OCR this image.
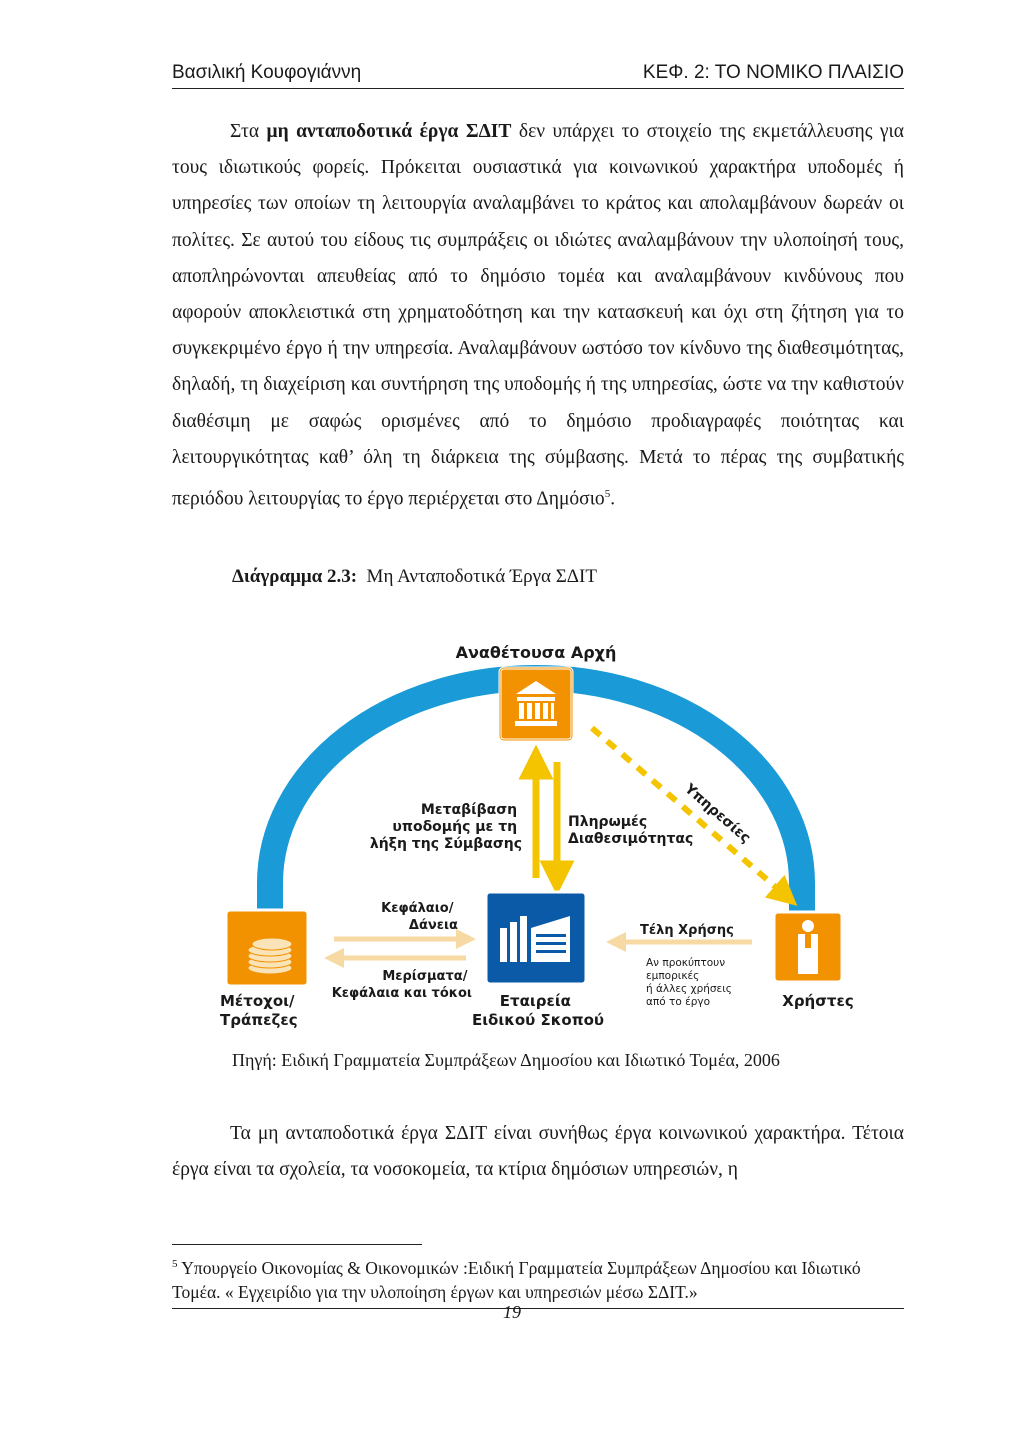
Βασιλική Κουφογιάννη	ΚΕΦ. 2: ΤΟ ΝΟΜΙΚΟ ΠΛΑΙΣΙΟ

Στα μη ανταποδοτικά έργα ΣΔΙΤ δεν υπάρχει το στοιχείο της εκμετάλλευσης για τους ιδιωτικούς φορείς. Πρόκειται ουσιαστικά για κοινωνικού χαρακτήρα υποδομές ή υπηρεσίες των οποίων τη λειτουργία αναλαμβάνει το κράτος και απολαμβάνουν δωρεάν οι πολίτες. Σε αυτού του είδους τις συμπράξεις οι ιδιώτες αναλαμβάνουν την υλοποίησή τους, αποπληρώνονται απευθείας από το δημόσιο τομέα και αναλαμβάνουν κινδύνους που αφορούν αποκλειστικά στη χρηματοδότηση και την κατασκευή και όχι στη ζήτηση για το συγκεκριμένο έργο ή την υπηρεσία. Αναλαμβάνουν ωστόσο τον κίνδυνο της διαθεσιμότητας, δηλαδή, τη διαχείριση και συντήρηση της υποδομής ή της υπηρεσίας, ώστε να την καθιστούν διαθέσιμη με σαφώς ορισμένες από το δημόσιο προδιαγραφές ποιότητας και λειτουργικότητας καθ’ όλη τη διάρκεια της σύμβασης. Μετά το πέρας της συμβατικής περιόδου λειτουργίας το έργο περιέρχεται στο Δημόσιο$^5$.

Διάγραμμα 2.3: Μη Ανταποδοτικά Έργα ΣΔΙΤ
Αναθέτουσα Αρχή
Υπηρεσίες
Μεταβίβαση υποδομής με τη λήξη της Σύμβασης
Πληρωμές Διαθεσιμότητας
Εταιρεία Ειδικού Σκοπού
Μέτοχοι/ Τράπεζες
Κεφάλαιο/ Δάνεια
Μερίσματα/ Κεφάλαια και τόκοι	Χρήστες
Τέλη Χρήσης
Αν προκύπτουν εμπορικές ή άλλες χρήσεις από το έργο
Πηγή: Ειδική Γραμματεία Συμπράξεων Δημοσίου και Ιδιωτικό Τομέα, 2006

Τα μη ανταποδοτικά έργα ΣΔΙΤ είναι συνήθως έργα κοινωνικού χαρακτήρα. Τέτοια έργα είναι τα σχολεία, τα νοσοκομεία, τα κτίρια δημόσιων υπηρεσιών, η

$^5$ Υπουργείο Οικονομίας & Οικονομικών :Ειδική Γραμματεία Συμπράξεων Δημοσίου και Ιδιωτικό Τομέα. « Εγχειρίδιο για την υλοποίηση έργων και υπηρεσιών μέσω ΣΔΙΤ.»
19
